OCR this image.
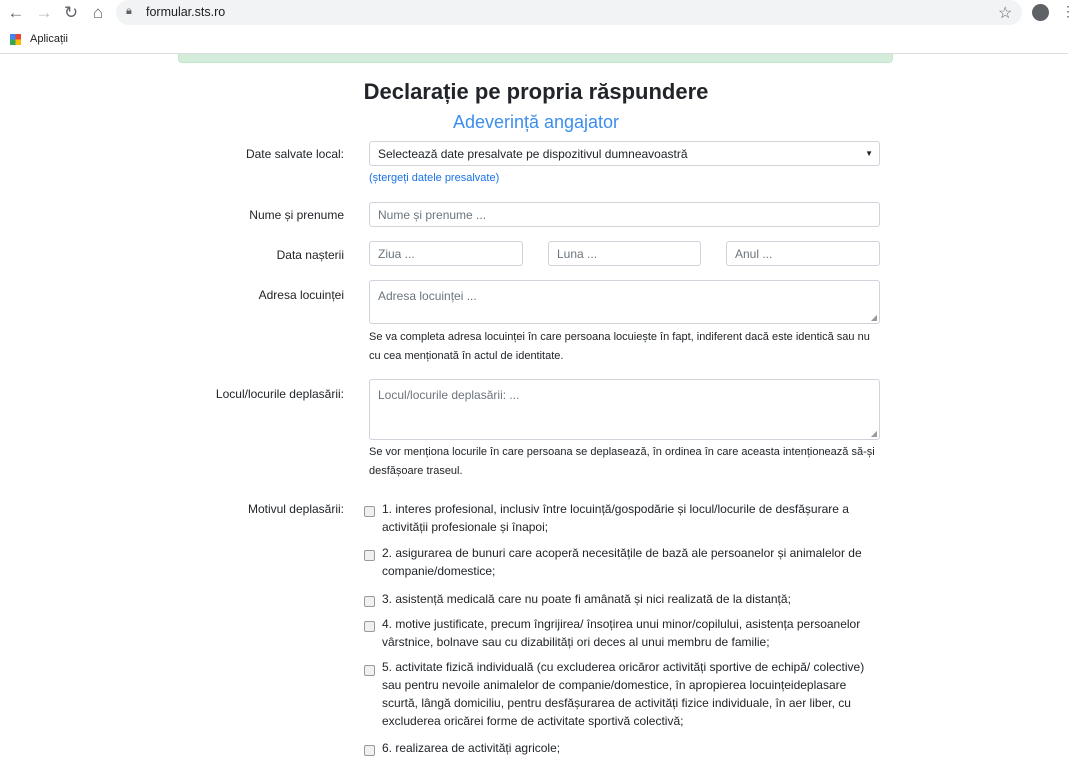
← → ↻ ⌂	🔒︎ formular.sts.ro	☆	⋮
Aplicații
Declarație pe propria răspundere
Adeverință angajator
Date salvate local:	Selectează date presalvate pe dispozitivul dumneavoastră	▼
(ștergeți datele presalvate)
Nume și prenume	Nume și prenume ...
Data nașterii	Ziua ...	Luna ...	Anul ...
Adresa locuinței	Adresa locuinței ...
◢
Se va completa adresa locuinței în care persoana locuiește în fapt, indiferent dacă este identică sau nu cu cea menționată în actul de identitate.
Locul/locurile deplasării:	Locul/locurile deplasării: ...
◢
Se vor menționa locurile în care persoana se deplasează, în ordinea în care aceasta intenționează să-și desfășoare traseul.
Motivul deplasării:	1. interes profesional, inclusiv între locuință/gospodărie și locul/locurile de desfășurare a activității profesionale și înapoi;
2. asigurarea de bunuri care acoperă necesitățile de bază ale persoanelor și animalelor de companie/domestice;
3. asistență medicală care nu poate fi amânată și nici realizată de la distanță;
4. motive justificate, precum îngrijirea/ însoțirea unui minor/copilului, asistența persoanelor vârstnice, bolnave sau cu dizabilități ori deces al unui membru de familie;
5. activitate fizică individuală (cu excluderea oricăror activități sportive de echipă/ colective) sau pentru nevoile animalelor de companie/domestice, în apropierea locuințeideplasare scurtă, lângă domiciliu, pentru desfășurarea de activități fizice individuale, în aer liber, cu excluderea oricărei forme de activitate sportivă colectivă;
6. realizarea de activități agricole;
